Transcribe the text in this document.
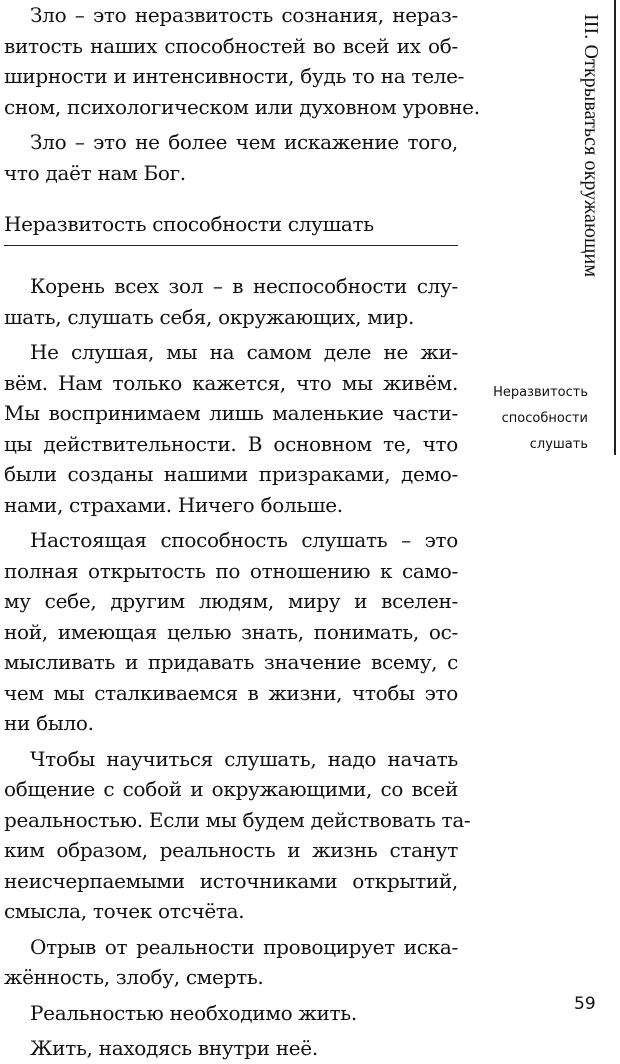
Зло – это неразвитость сознания, нераз-
витость наших способностей во всей их об-
ширности и интенсивности, будь то на теле-
сном, психологическом или духовном уровне.
Зло – это не более чем искажение того,
что даёт нам Бог.
Неразвитость способности слушать
Корень всех зол – в неспособности слу-
шать, слушать себя, окружающих, мир.
Не слушая, мы на самом деле не жи-
вём. Нам только кажется, что мы живём.
Мы воспринимаем лишь маленькие части-
цы действительности. В основном те, что
были созданы нашими призраками, демо-
нами, страхами. Ничего больше.
Настоящая способность слушать – это
полная открытость по отношению к само-
му себе, другим людям, миру и вселен-
ной, имеющая целью знать, понимать, ос-
мысливать и придавать значение всему, с
чем мы сталкиваемся в жизни, чтобы это
ни было.
Чтобы научиться слушать, надо начать
общение с собой и окружающими, со всей
реальностью. Если мы будем действовать та-
ким образом, реальность и жизнь станут
неисчерпаемыми источниками открытий,
смысла, точек отсчёта.
Отрыв от реальности провоцирует иска-
жённость, злобу, смерть.
Реальностью необходимо жить.
Жить, находясь внутри неё.
III. Открываться окружающим
Неразвитость
способности
слушать
59
